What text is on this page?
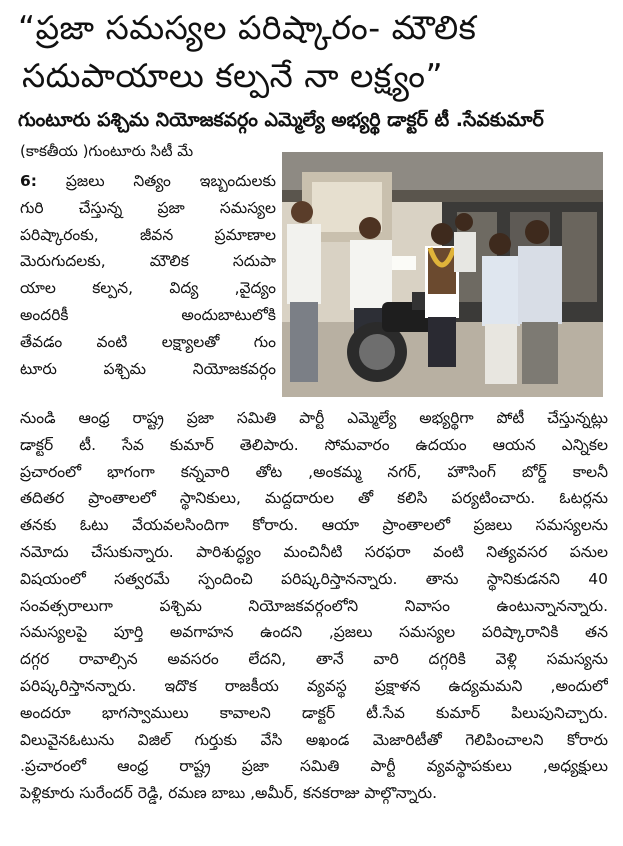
“ప్రజా సమస్యల పరిష్కారం- మౌలిక
సదుపాయాలు కల్పనే నా లక్ష్యం”
గుంటూరు పశ్చిమ నియోజకవర్గం ఎమ్మెల్యే అభ్యర్థి డాక్టర్ టీ .సేవకుమార్
(కాకతీయ )గుంటూరు సిటీ మే
6: ప్రజలు నిత్యం ఇబ్బందులకు
గురి చేస్తున్న ప్రజా సమస్యల
పరిష్కారంకు, జీవన ప్రమాణాల
మెరుగుదలకు, మౌలిక సదుపా
యాల కల్పన, విద్య ,వైద్యం
అందరికీ అందుబాటులోకి
తేవడం వంటి లక్ష్యాలతో గుం
టూరు పశ్చిమ నియోజకవర్గం
నుండి ఆంధ్ర రాష్ట్ర ప్రజా సమితి పార్టీ ఎమ్మెల్యే అభ్యర్థిగా పోటీ చేస్తున్నట్లు
డాక్టర్ టీ. సేవ కుమార్ తెలిపారు. సోమవారం ఉదయం ఆయన ఎన్నికల
ప్రచారంలో భాగంగా కన్నవారి తోట ,అంకమ్మ నగర్, హౌసింగ్ బోర్డ్ కాలనీ
తదితర ప్రాంతాలలో స్థానికులు, మద్దదారుల తో కలిసి పర్యటించారు. ఓటర్లను
తనకు ఓటు వేయవలసిందిగా కోరారు. ఆయా ప్రాంతాలలో ప్రజలు సమస్యలను
నమోదు చేసుకున్నారు. పారిశుద్ధ్యం మంచినీటి సరఫరా వంటి నిత్యవసర పనుల
విషయంలో సత్వరమే స్పందించి పరిష్కరిస్తానన్నారు. తాను స్థానికుడనని 40
సంవత్సరాలుగా పశ్చిమ నియోజకవర్గంలోని నివాసం ఉంటున్నానన్నారు.
సమస్యలపై పూర్తి అవగాహన ఉందని ,ప్రజలు సమస్యల పరిష్కారానికి తన
దగ్గర రావాల్సిన అవసరం లేదని, తానే వారి దగ్గరికి వెళ్లి సమస్యను
పరిష్కరిస్తానన్నారు. ఇదొక రాజకీయ వ్యవస్థ ప్రక్షాళన ఉద్యమమని ,అందులో
అందరూ భాగస్వాములు కావాలని డాక్టర్ టీ.సేవ కుమార్ పిలుపునిచ్చారు.
విలువైనఓటును విజిల్ గుర్తుకు వేసి అఖండ మెజారిటీతో గెలిపించాలని కోరారు
.ప్రచారంలో ఆంధ్ర రాష్ట్ర ప్రజా సమితి పార్టీ వ్యవస్థాపకులు ,అధ్యక్షులు
పెళ్లికూరు సురేందర్ రెడ్డి, రమణ బాబు ,అమీర్, కనకరాజు పాల్గొన్నారు.
